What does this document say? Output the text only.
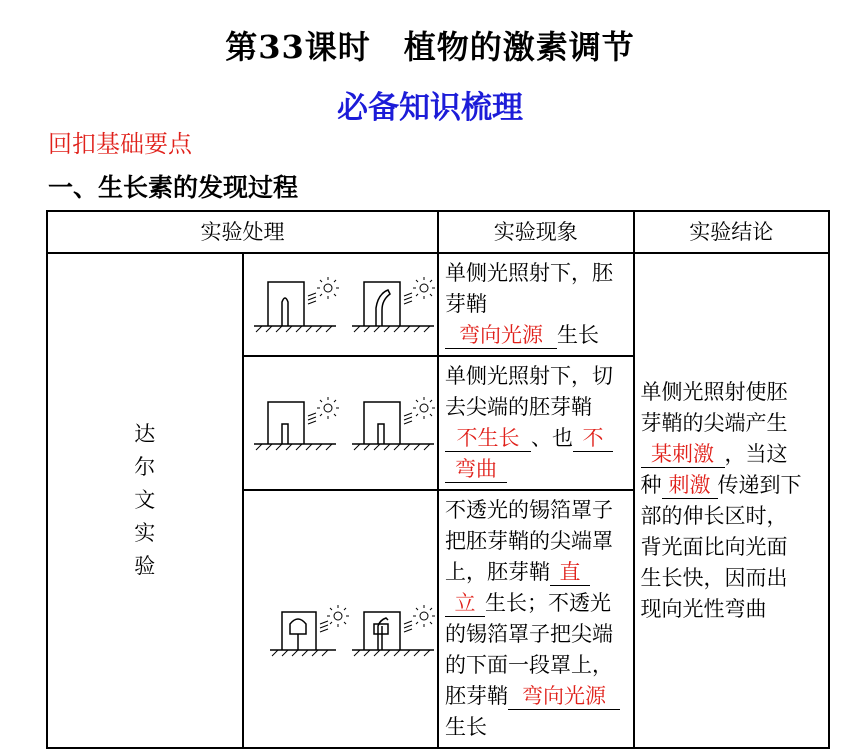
第33课时　植物的激素调节
必备知识梳理
回扣基础要点
一、生长素的发现过程
实验处理		实验现象	实验结论

达
尔
文
实
验		单侧光照射下，胚芽鞘
弯向光源 生长	单侧光照射使胚芽鞘的尖端产生某刺激 ，当这种 刺激 传递到下部的伸长区时，背光面比向光面生长快，因而出现向光性弯曲

	单侧光照射下，切去尖端的胚芽鞘不生长 、也 不
弯曲	

	不透光的锡箔罩子把胚芽鞘的尖端罩上，胚芽鞘 直
立 生长；不透光的锡箔罩子把尖端的下面一段罩上，胚芽鞘 弯向光源生长	
